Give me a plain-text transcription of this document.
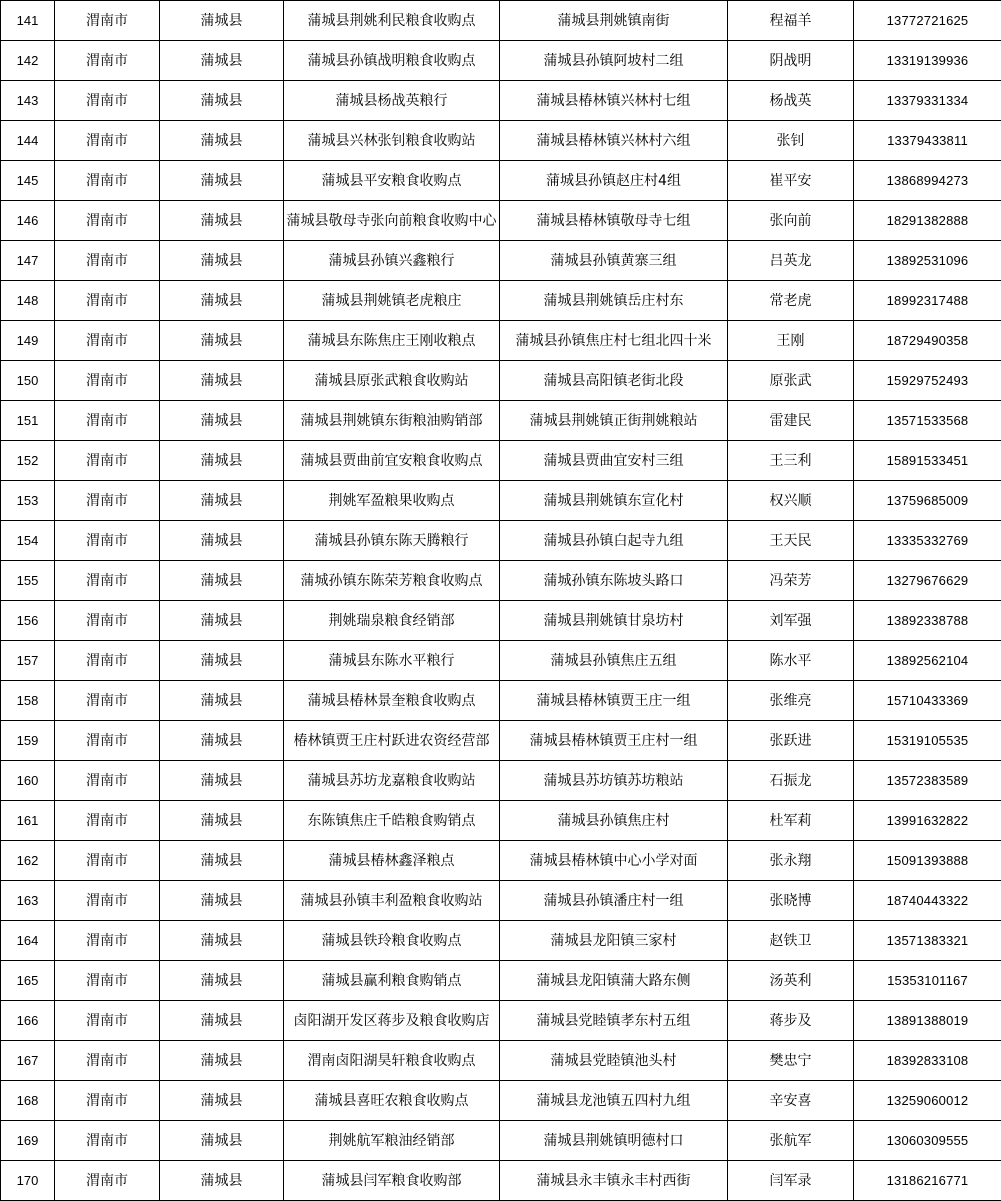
141	渭南市	蒲城县	蒲城县荆姚利民粮食收购点	蒲城县荆姚镇南街	程福羊	13772721625
142	渭南市	蒲城县	蒲城县孙镇战明粮食收购点	蒲城县孙镇阿坡村二组	阴战明	13319139936
143	渭南市	蒲城县	蒲城县杨战英粮行	蒲城县椿林镇兴林村七组	杨战英	13379331334
144	渭南市	蒲城县	蒲城县兴林张钊粮食收购站	蒲城县椿林镇兴林村六组	张钊	13379433811
145	渭南市	蒲城县	蒲城县平安粮食收购点	蒲城县孙镇赵庄村4组	崔平安	13868994273
146	渭南市	蒲城县	蒲城县敬母寺张向前粮食收购中心	蒲城县椿林镇敬母寺七组	张向前	18291382888
147	渭南市	蒲城县	蒲城县孙镇兴鑫粮行	蒲城县孙镇黄寨三组	吕英龙	13892531096
148	渭南市	蒲城县	蒲城县荆姚镇老虎粮庄	蒲城县荆姚镇岳庄村东	常老虎	18992317488
149	渭南市	蒲城县	蒲城县东陈焦庄王刚收粮点	蒲城县孙镇焦庄村七组北四十米	王刚	18729490358
150	渭南市	蒲城县	蒲城县原张武粮食收购站	蒲城县高阳镇老街北段	原张武	15929752493
151	渭南市	蒲城县	蒲城县荆姚镇东街粮油购销部	蒲城县荆姚镇正街荆姚粮站	雷建民	13571533568
152	渭南市	蒲城县	蒲城县贾曲前宜安粮食收购点	蒲城县贾曲宜安村三组	王三利	15891533451
153	渭南市	蒲城县	荆姚军盈粮果收购点	蒲城县荆姚镇东宣化村	权兴顺	13759685009
154	渭南市	蒲城县	蒲城县孙镇东陈天腾粮行	蒲城县孙镇白起寺九组	王天民	13335332769
155	渭南市	蒲城县	蒲城孙镇东陈荣芳粮食收购点	蒲城孙镇东陈坡头路口	冯荣芳	13279676629
156	渭南市	蒲城县	荆姚瑞泉粮食经销部	蒲城县荆姚镇甘泉坊村	刘军强	13892338788
157	渭南市	蒲城县	蒲城县东陈水平粮行	蒲城县孙镇焦庄五组	陈水平	13892562104
158	渭南市	蒲城县	蒲城县椿林景奎粮食收购点	蒲城县椿林镇贾王庄一组	张维亮	15710433369
159	渭南市	蒲城县	椿林镇贾王庄村跃进农资经营部	蒲城县椿林镇贾王庄村一组	张跃进	15319105535
160	渭南市	蒲城县	蒲城县苏坊龙嘉粮食收购站	蒲城县苏坊镇苏坊粮站	石振龙	13572383589
161	渭南市	蒲城县	东陈镇焦庄千皓粮食购销点	蒲城县孙镇焦庄村	杜军莉	13991632822
162	渭南市	蒲城县	蒲城县椿林鑫泽粮点	蒲城县椿林镇中心小学对面	张永翔	15091393888
163	渭南市	蒲城县	蒲城县孙镇丰利盈粮食收购站	蒲城县孙镇潘庄村一组	张晓博	18740443322
164	渭南市	蒲城县	蒲城县铁玲粮食收购点	蒲城县龙阳镇三家村	赵铁卫	13571383321
165	渭南市	蒲城县	蒲城县赢利粮食购销点	蒲城县龙阳镇蒲大路东侧	汤英利	15353101167
166	渭南市	蒲城县	卤阳湖开发区蒋步及粮食收购店	蒲城县党睦镇孝东村五组	蒋步及	13891388019
167	渭南市	蒲城县	渭南卤阳湖昊轩粮食收购点	蒲城县党睦镇池头村	樊忠宁	18392833108
168	渭南市	蒲城县	蒲城县喜旺农粮食收购点	蒲城县龙池镇五四村九组	辛安喜	13259060012
169	渭南市	蒲城县	荆姚航军粮油经销部	蒲城县荆姚镇明德村口	张航军	13060309555
170	渭南市	蒲城县	蒲城县闫军粮食收购部	蒲城县永丰镇永丰村西街	闫军录	13186216771
